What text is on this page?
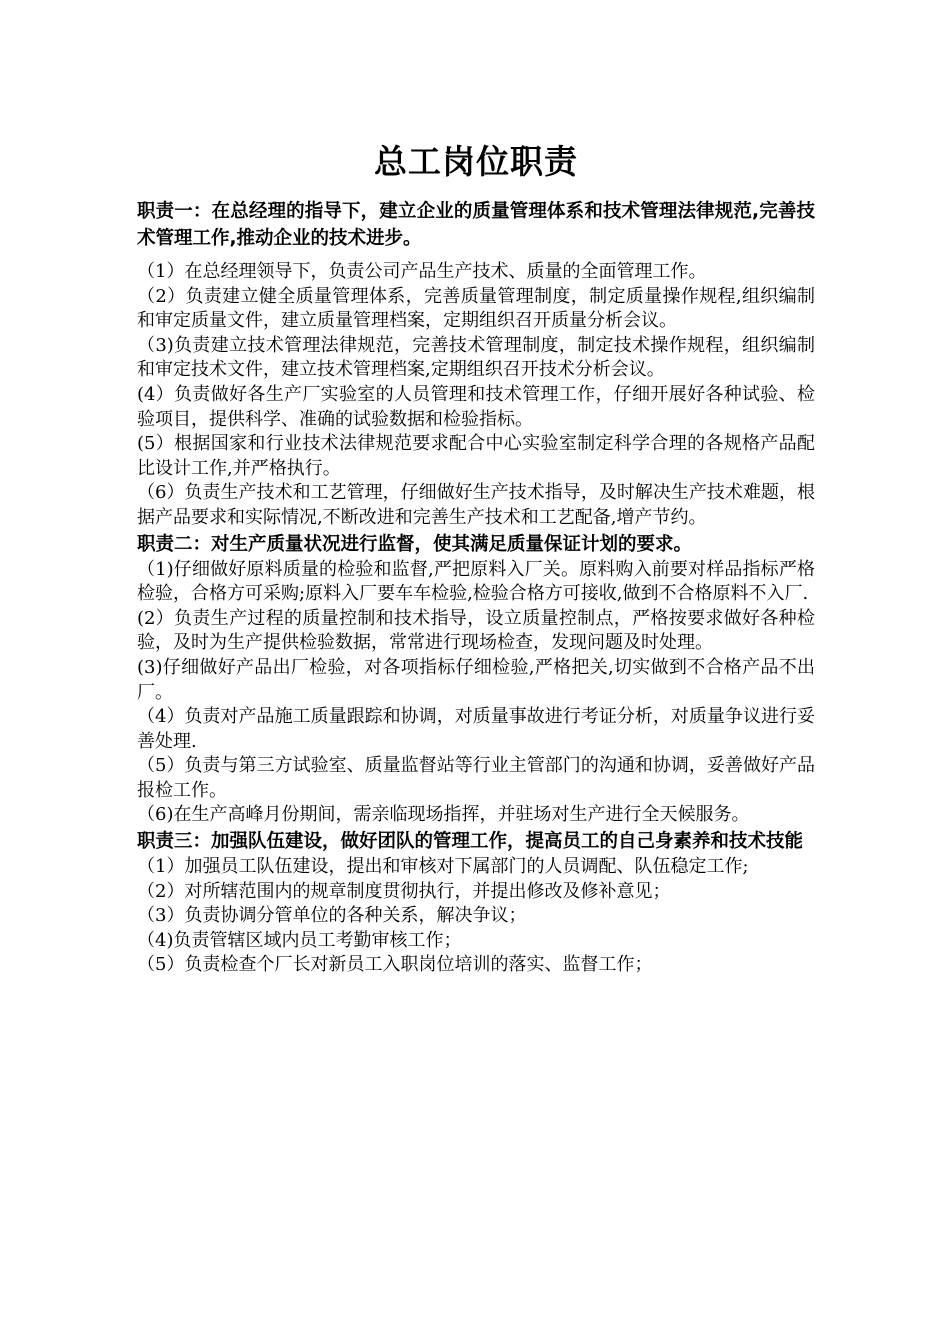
总工岗位职责

职责一：在总经理的指导下，建立企业的质量管理体系和技术管理法律规范,完善技术管理工作,推动企业的技术进步。

（1）在总经理领导下，负责公司产品生产技术、质量的全面管理工作。

（2）负责建立健全质量管理体系，完善质量管理制度，制定质量操作规程,组织编制和审定质量文件，建立质量管理档案，定期组织召开质量分析会议。

（3)负责建立技术管理法律规范，完善技术管理制度，制定技术操作规程，组织编制和审定技术文件，建立技术管理档案,定期组织召开技术分析会议。

(4）负责做好各生产厂实验室的人员管理和技术管理工作，仔细开展好各种试验、检验项目，提供科学、准确的试验数据和检验指标。

(5）根据国家和行业技术法律规范要求配合中心实验室制定科学合理的各规格产品配比设计工作,并严格执行。

（6）负责生产技术和工艺管理，仔细做好生产技术指导，及时解决生产技术难题，根据产品要求和实际情况,不断改进和完善生产技术和工艺配备,增产节约。

职责二：对生产质量状况进行监督，使其满足质量保证计划的要求。

（1)仔细做好原料质量的检验和监督,严把原料入厂关。原料购入前要对样品指标严格检验，合格方可采购;原料入厂要车车检验,检验合格方可接收,做到不合格原料不入厂.

(2）负责生产过程的质量控制和技术指导，设立质量控制点，严格按要求做好各种检验，及时为生产提供检验数据，常常进行现场检查，发现问题及时处理。

(3)仔细做好产品出厂检验，对各项指标仔细检验,严格把关,切实做到不合格产品不出厂。

（4）负责对产品施工质量跟踪和协调，对质量事故进行考证分析，对质量争议进行妥善处理.

（5）负责与第三方试验室、质量监督站等行业主管部门的沟通和协调，妥善做好产品报检工作。

（6)在生产高峰月份期间，需亲临现场指挥，并驻场对生产进行全天候服务。

职责三：加强队伍建设，做好团队的管理工作，提高员工的自己身素养和技术技能

（1）加强员工队伍建设，提出和审核对下属部门的人员调配、队伍稳定工作;

（2）对所辖范围内的规章制度贯彻执行，并提出修改及修补意见；

（3）负责协调分管单位的各种关系，解决争议；

（4)负责管辖区域内员工考勤审核工作；

（5）负责检查个厂长对新员工入职岗位培训的落实、监督工作；
